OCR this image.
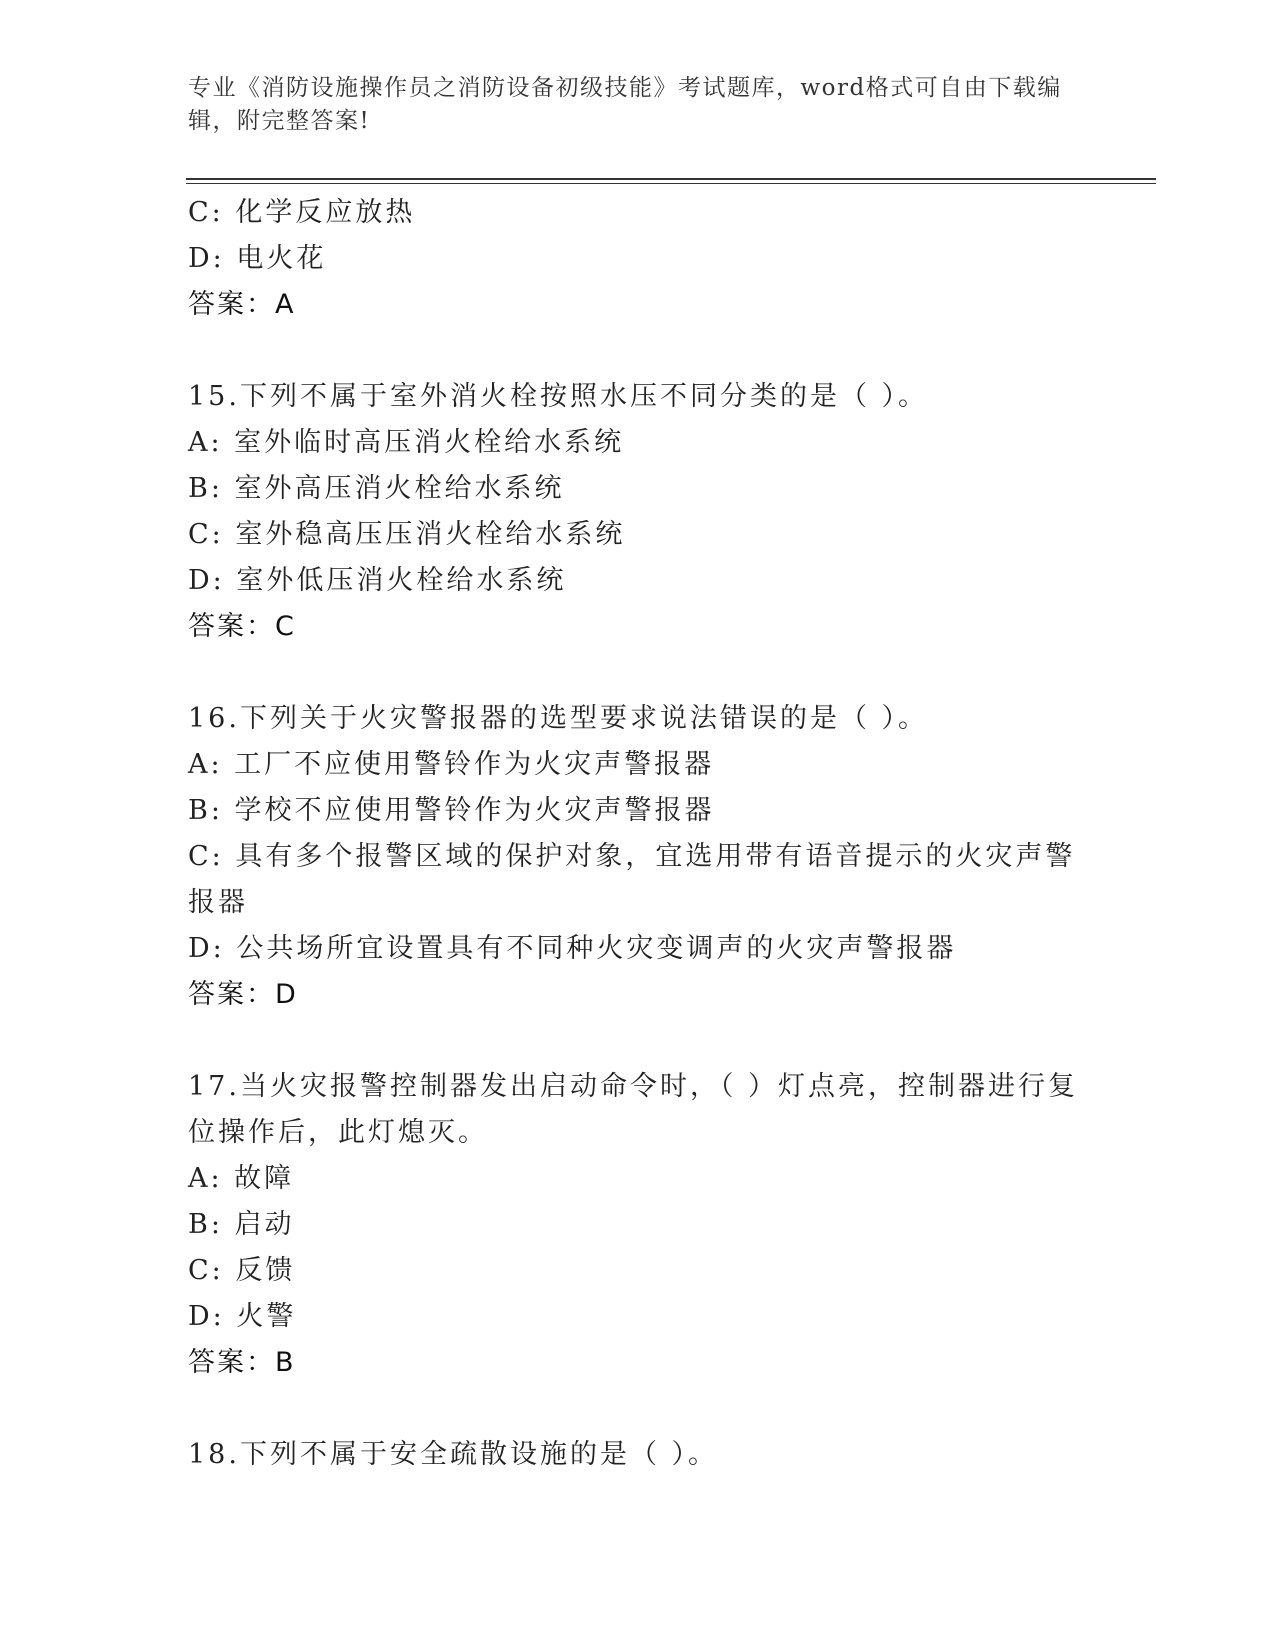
专业《消防设施操作员之消防设备初级技能》考试题库，word格式可自由下载编辑，附完整答案!
C: 化学反应放热
D: 电火花
答案：A
15.下列不属于室外消火栓按照水压不同分类的是（ ）。
A: 室外临时高压消火栓给水系统
B: 室外高压消火栓给水系统
C: 室外稳高压压消火栓给水系统
D: 室外低压消火栓给水系统
答案：C
16.下列关于火灾警报器的选型要求说法错误的是（ ）。
A: 工厂不应使用警铃作为火灾声警报器
B: 学校不应使用警铃作为火灾声警报器
C: 具有多个报警区域的保护对象，宜选用带有语音提示的火灾声警报器
D: 公共场所宜设置具有不同种火灾变调声的火灾声警报器
答案：D
17.当火灾报警控制器发出启动命令时，（ ）灯点亮，控制器进行复位操作后，此灯熄灭。
A: 故障
B: 启动
C: 反馈
D: 火警
答案：B
18.下列不属于安全疏散设施的是（ ）。
